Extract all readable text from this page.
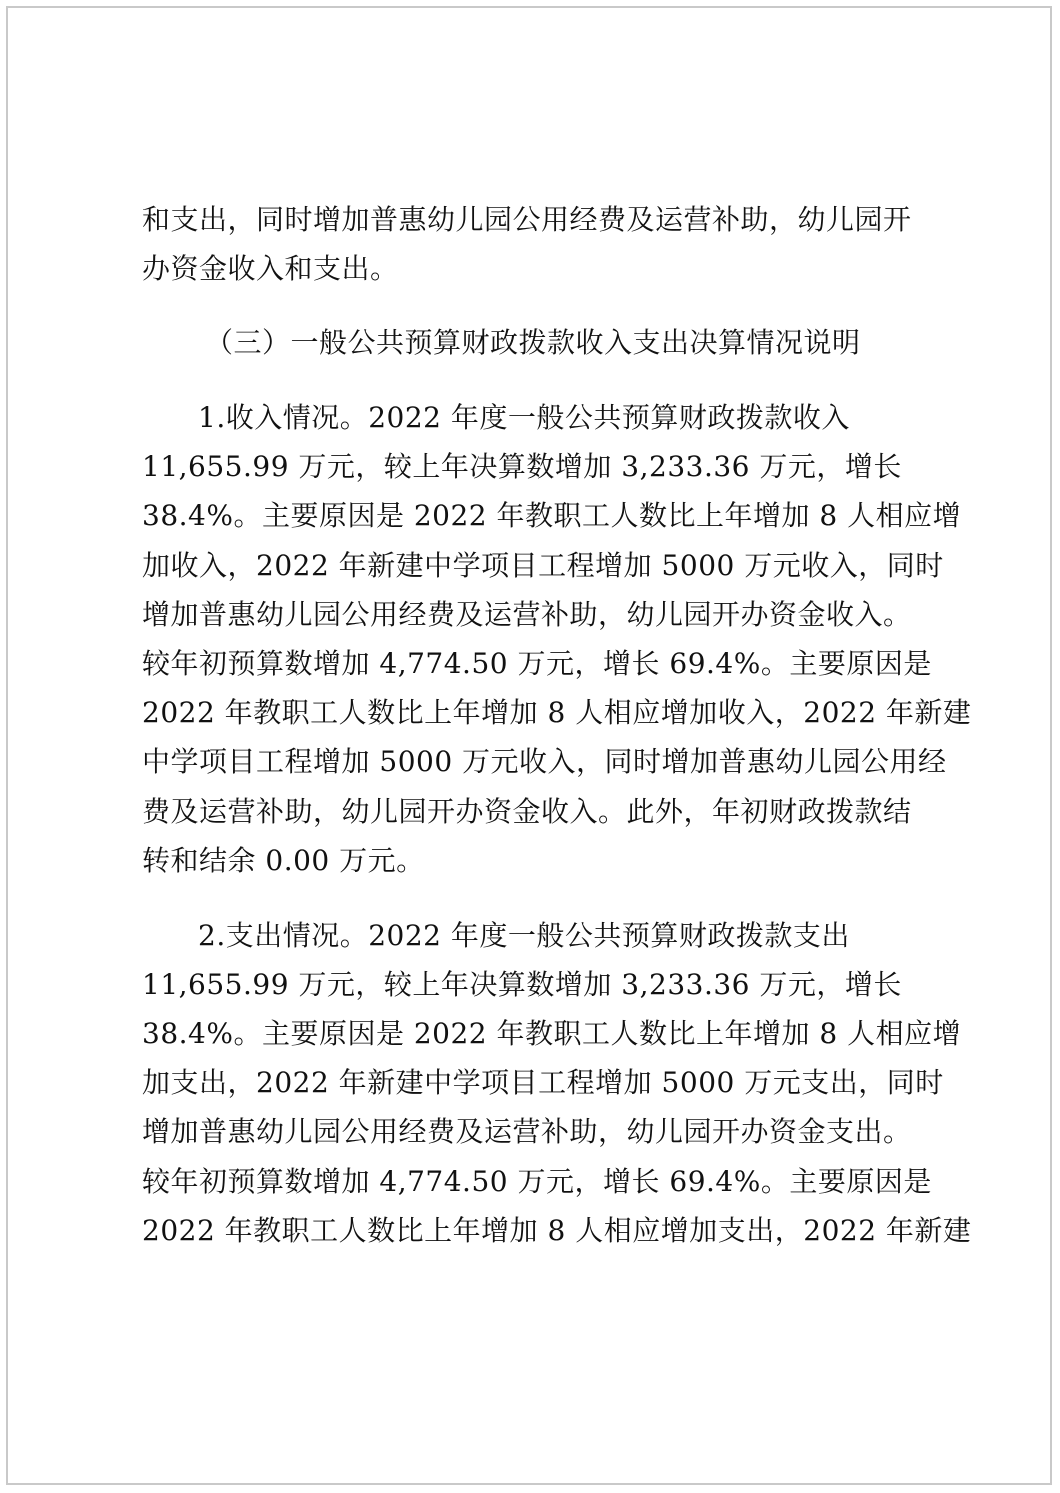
和支出，同时增加普惠幼儿园公用经费及运营补助，幼儿园开
办资金收入和支出。
（三）一般公共预算财政拨款收入支出决算情况说明
1.收入情况。2022 年度一般公共预算财政拨款收入
11,655.99 万元，较上年决算数增加 3,233.36 万元，增长
38.4%。主要原因是 2022 年教职工人数比上年增加 8 人相应增
加收入，2022 年新建中学项目工程增加 5000 万元收入，同时
增加普惠幼儿园公用经费及运营补助，幼儿园开办资金收入。
较年初预算数增加 4,774.50 万元，增长 69.4%。主要原因是
2022 年教职工人数比上年增加 8 人相应增加收入，2022 年新建
中学项目工程增加 5000 万元收入，同时增加普惠幼儿园公用经
费及运营补助，幼儿园开办资金收入。此外，年初财政拨款结
转和结余 0.00 万元。
2.支出情况。2022 年度一般公共预算财政拨款支出
11,655.99 万元，较上年决算数增加 3,233.36 万元，增长
38.4%。主要原因是 2022 年教职工人数比上年增加 8 人相应增
加支出，2022 年新建中学项目工程增加 5000 万元支出，同时
增加普惠幼儿园公用经费及运营补助，幼儿园开办资金支出。
较年初预算数增加 4,774.50 万元，增长 69.4%。主要原因是
2022 年教职工人数比上年增加 8 人相应增加支出，2022 年新建
